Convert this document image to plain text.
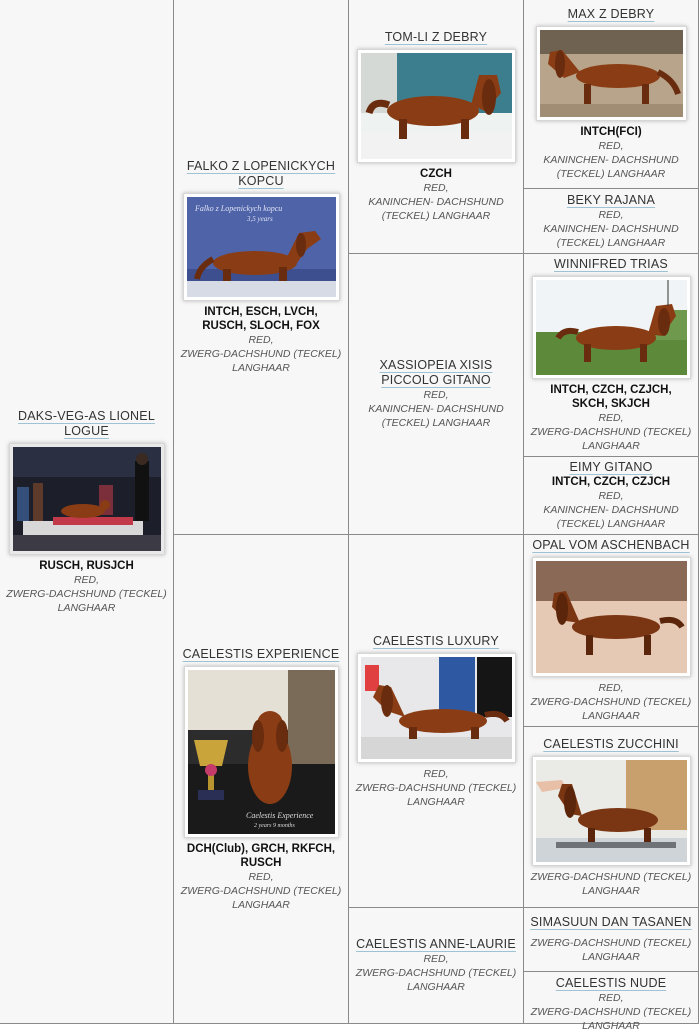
DAKS-VEG-AS LIONEL LOGUE
RUSCH, RUSJCH
RED,
ZWERG-DACHSHUND (TECKEL) LANGHAAR
FALKO Z LOPENICKYCH KOPCU
Falko z Lopenickych kopcu
3,5 years
INTCH, ESCH, LVCH, RUSCH, SLOCH, FOX
RED,
ZWERG-DACHSHUND (TECKEL) LANGHAAR
CAELESTIS EXPERIENCE
Caelestis Experience
2 years 9 months
DCH(Club), GRCH, RKFCH, RUSCH
RED,
ZWERG-DACHSHUND (TECKEL) LANGHAAR
TOM-LI Z DEBRY
CZCH
RED,
KANINCHEN- DACHSHUND (TECKEL) LANGHAAR
XASSIOPEIA XISIS PICCOLO GITANO
RED,
KANINCHEN- DACHSHUND (TECKEL) LANGHAAR
CAELESTIS LUXURY
RED,
ZWERG-DACHSHUND (TECKEL) LANGHAAR
CAELESTIS ANNE-LAURIE
RED,
ZWERG-DACHSHUND (TECKEL) LANGHAAR
MAX Z DEBRY
INTCH(FCI)
RED,
KANINCHEN- DACHSHUND (TECKEL) LANGHAAR
BEKY RAJANA
RED,
KANINCHEN- DACHSHUND (TECKEL) LANGHAAR
WINNIFRED TRIAS
INTCH, CZCH, CZJCH, SKCH, SKJCH
RED,
ZWERG-DACHSHUND (TECKEL) LANGHAAR
EIMY GITANO
INTCH, CZCH, CZJCH
RED,
KANINCHEN- DACHSHUND (TECKEL) LANGHAAR
OPAL VOM ASCHENBACH
RED,
ZWERG-DACHSHUND (TECKEL) LANGHAAR
CAELESTIS ZUCCHINI
ZWERG-DACHSHUND (TECKEL) LANGHAAR
SIMASUUN DAN TASANEN
ZWERG-DACHSHUND (TECKEL) LANGHAAR
CAELESTIS NUDE
RED,
ZWERG-DACHSHUND (TECKEL) LANGHAAR
